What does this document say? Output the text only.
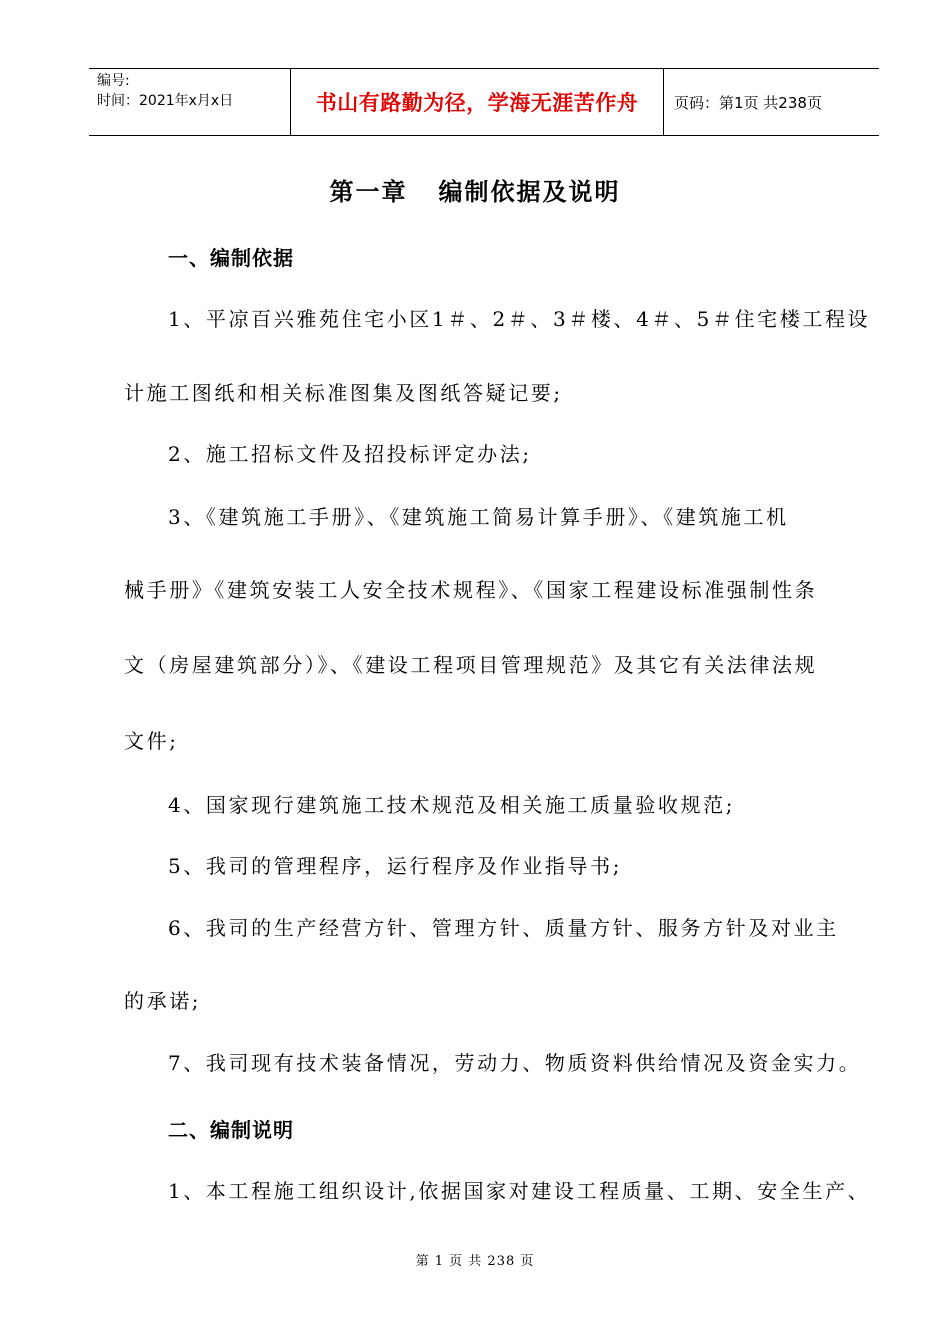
编号:
时间：2021年x月x日	书山有路勤为径，学海无涯苦作舟	页码：第1页 共238页
第一章   编制依据及说明
一、编制依据
1、平凉百兴雅苑住宅小区1＃、2＃、3＃楼、4＃、5＃住宅楼工程设
计施工图纸和相关标准图集及图纸答疑记要;
2、施工招标文件及招投标评定办法;
3、《建筑施工手册》、《建筑施工简易计算手册》、《建筑施工机
械手册》《建筑安装工人安全技术规程》、《国家工程建设标准强制性条
文（房屋建筑部分）》、《建设工程项目管理规范》及其它有关法律法规
文件;
4、国家现行建筑施工技术规范及相关施工质量验收规范;
5、我司的管理程序，运行程序及作业指导书;
6、我司的生产经营方针、管理方针、质量方针、服务方针及对业主
的承诺;
7、我司现有技术装备情况，劳动力、物质资料供给情况及资金实力。
二、编制说明
1、本工程施工组织设计,依据国家对建设工程质量、工期、安全生产、
第 1 页 共 238 页
